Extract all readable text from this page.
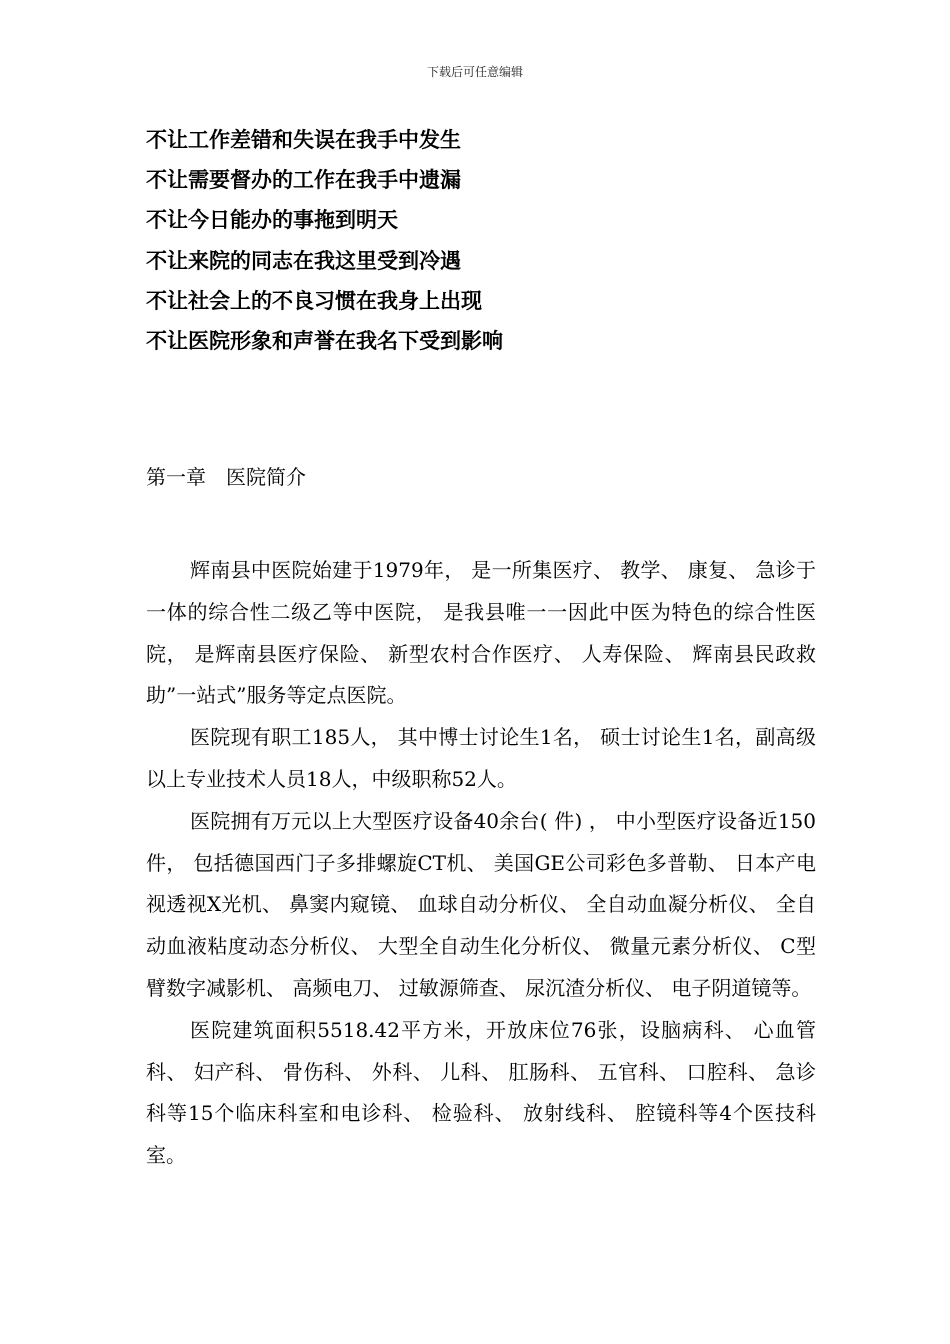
下载后可任意编辑
不让工作差错和失误在我手中发生
不让需要督办的工作在我手中遗漏
不让今日能办的事拖到明天
不让来院的同志在我这里受到冷遇
不让社会上的不良习惯在我身上出现
不让医院形象和声誉在我名下受到影响
第一章　医院简介

辉南县中医院始建于1979年， 是一所集医疗、 教学、 康复、 急诊于一体的综合性二级乙等中医院， 是我县唯一一因此中医为特色的综合性医院， 是辉南县医疗保险、 新型农村合作医疗、 人寿保险、 辉南县民政救助”一站式”服务等定点医院。

医院现有职工185人， 其中博士讨论生1名， 硕士讨论生1名，副高级以上专业技术人员18人，中级职称52人。

医院拥有万元以上大型医疗设备40余台( 件) ， 中小型医疗设备近150件， 包括德国西门子多排螺旋CT机、 美国GE公司彩色多普勒、 日本产电视透视X光机、 鼻窦内窥镜、 血球自动分析仪、 全自动血凝分析仪、 全自动血液粘度动态分析仪、 大型全自动生化分析仪、 微量元素分析仪、 C型臂数字减影机、 高频电刀、 过敏源筛查、 尿沉渣分析仪、 电子阴道镜等。

医院建筑面积5518.42平方米，开放床位76张，设脑病科、 心血管科、 妇产科、 骨伤科、 外科、 儿科、 肛肠科、 五官科、 口腔科、 急诊科等15个临床科室和电诊科、 检验科、 放射线科、 腔镜科等4个医技科室。
